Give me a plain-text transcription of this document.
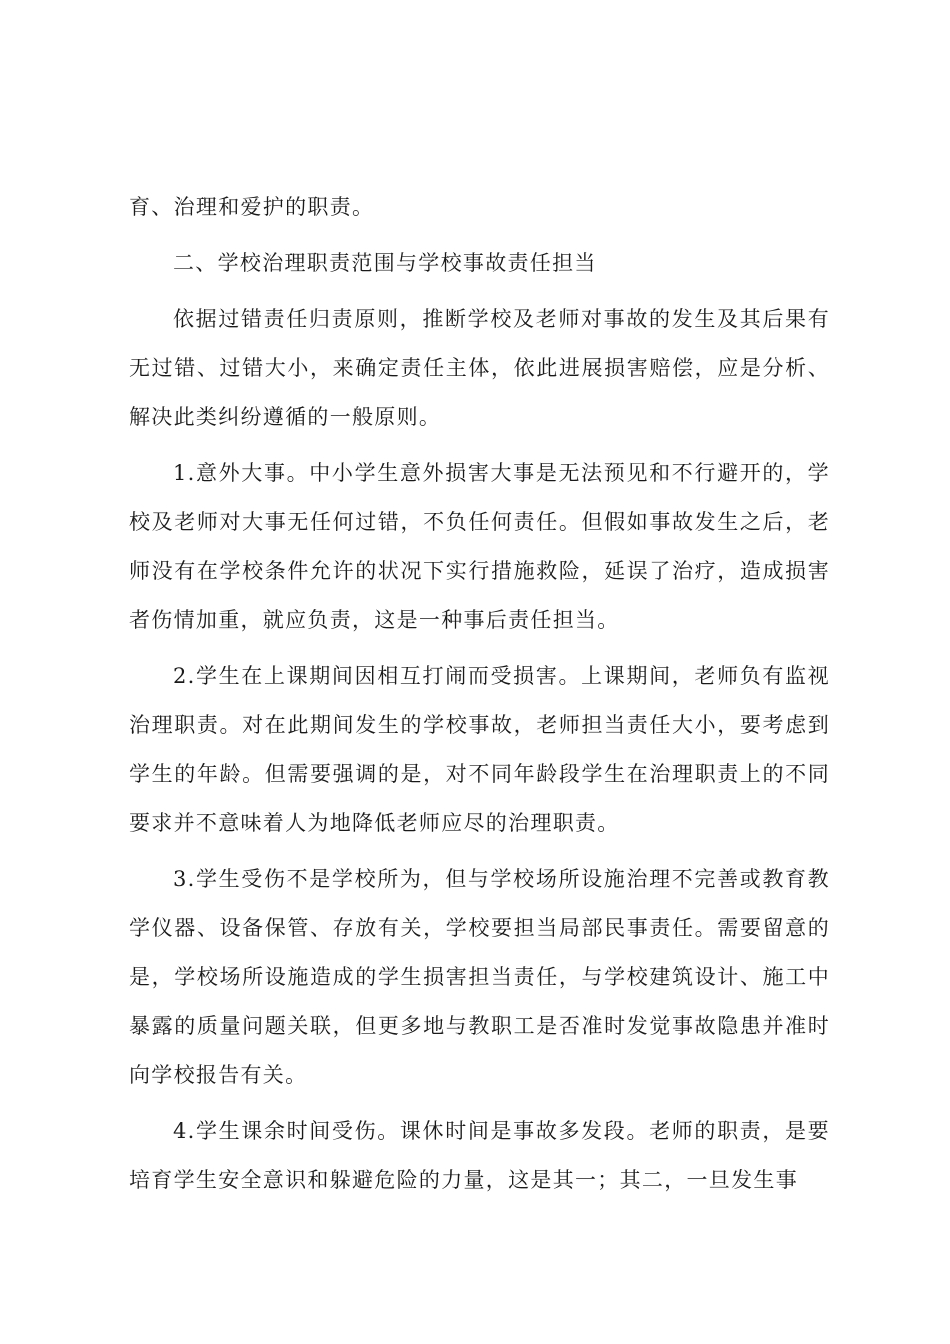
育、治理和爱护的职责。

二、学校治理职责范围与学校事故责任担当

依据过错责任归责原则，推断学校及老师对事故的发生及其后果有无过错、过错大小，来确定责任主体，依此进展损害赔偿，应是分析、解决此类纠纷遵循的一般原则。

1.意外大事。中小学生意外损害大事是无法预见和不行避开的，学校及老师对大事无任何过错，不负任何责任。但假如事故发生之后，老师没有在学校条件允许的状况下实行措施救险，延误了治疗，造成损害者伤情加重，就应负责，这是一种事后责任担当。

2.学生在上课期间因相互打闹而受损害。上课期间，老师负有监视治理职责。对在此期间发生的学校事故，老师担当责任大小，要考虑到学生的年龄。但需要强调的是，对不同年龄段学生在治理职责上的不同要求并不意味着人为地降低老师应尽的治理职责。

3.学生受伤不是学校所为，但与学校场所设施治理不完善或教育教学仪器、设备保管、存放有关，学校要担当局部民事责任。需要留意的是，学校场所设施造成的学生损害担当责任，与学校建筑设计、施工中暴露的质量问题关联，但更多地与教职工是否准时发觉事故隐患并准时向学校报告有关。

4.学生课余时间受伤。课休时间是事故多发段。老师的职责，是要培育学生安全意识和躲避危险的力量，这是其一；其二，一旦发生事
